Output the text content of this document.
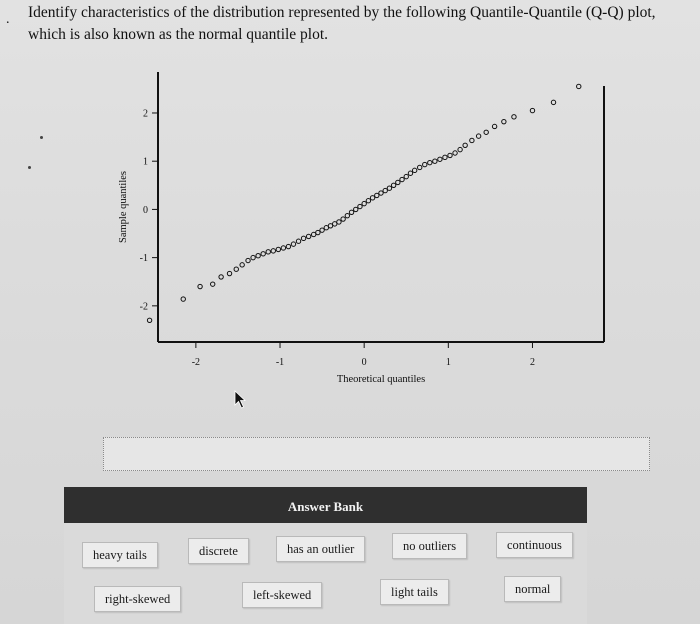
. Identify characteristics of the distribution represented by the following Quantile-Quantile (Q-Q) plot,

which is also known as the normal quantile plot.

-2	-1	0	1	2
-2
-1
0
1
2
Theoretical quantiles
Sample quantiles
Answer Bank
heavy tails	discrete	has an outlier	no outliers	continuous
right-skewed	left-skewed	light tails	normal
